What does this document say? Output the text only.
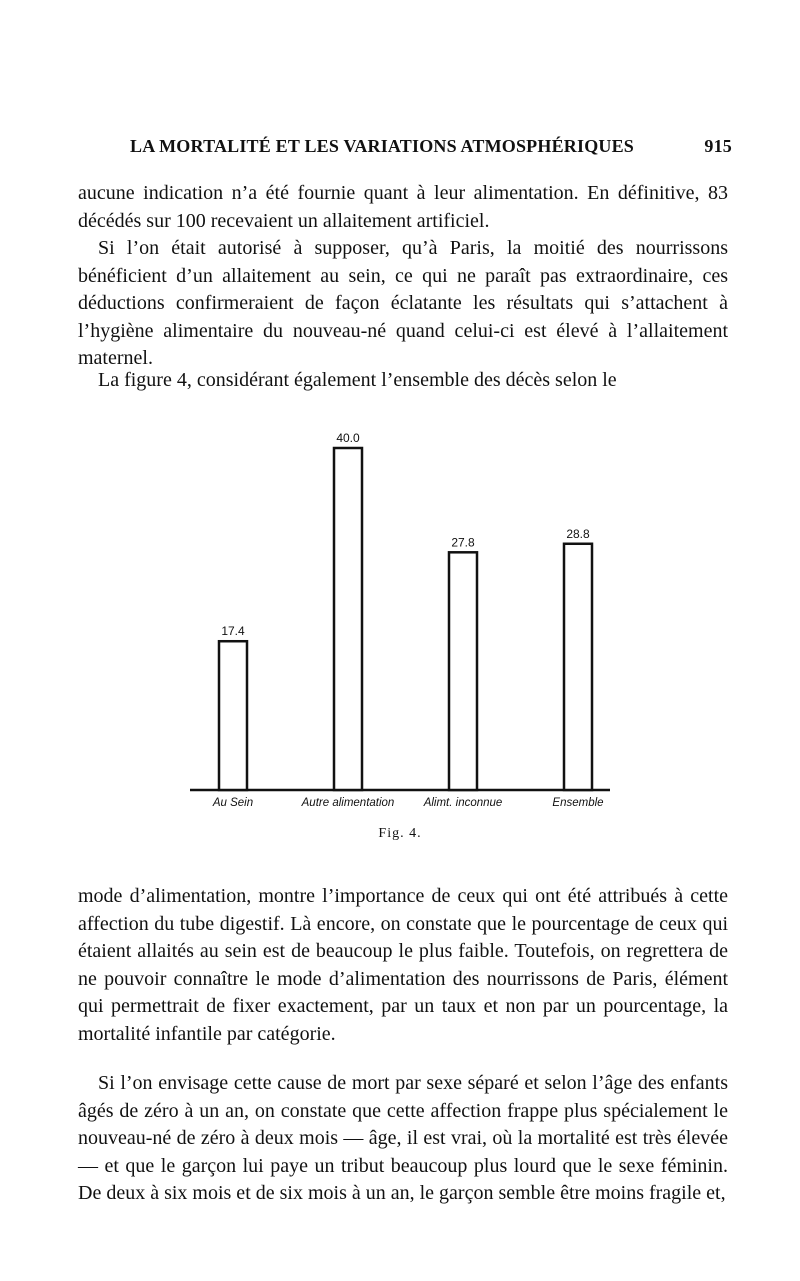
LA MORTALITÉ ET LES VARIATIONS ATMOSPHÉRIQUES	915

aucune indication n’a été fournie quant à leur alimentation. En définitive, 83 décédés sur 100 recevaient un allaitement artificiel.

Si l’on était autorisé à supposer, qu’à Paris, la moitié des nourrissons bénéficient d’un allaitement au sein, ce qui ne paraît pas extraordinaire, ces déductions confirmeraient de façon éclatante les résultats qui s’attachent à l’hygiène alimentaire du nouveau-né quand celui-ci est élevé à l’allaitement maternel.

La figure 4, considérant également l’ensemble des décès selon le

17.4
Au Sein
40.0
Autre alimentation
27.8
Alimt. inconnue
28.8
Ensemble
Fig. 4.

mode d’alimentation, montre l’importance de ceux qui ont été attribués à cette affection du tube digestif. Là encore, on constate que le pourcentage de ceux qui étaient allaités au sein est de beaucoup le plus faible. Toutefois, on regrettera de ne pouvoir connaître le mode d’alimentation des nourrissons de Paris, élément qui permettrait de fixer exactement, par un taux et non par un pourcentage, la mortalité infantile par catégorie.

Si l’on envisage cette cause de mort par sexe séparé et selon l’âge des enfants âgés de zéro à un an, on constate que cette affection frappe plus spécialement le nouveau-né de zéro à deux mois — âge, il est vrai, où la mortalité est très élevée — et que le garçon lui paye un tribut beaucoup plus lourd que le sexe féminin. De deux à six mois et de six mois à un an, le garçon semble être moins fragile et,
